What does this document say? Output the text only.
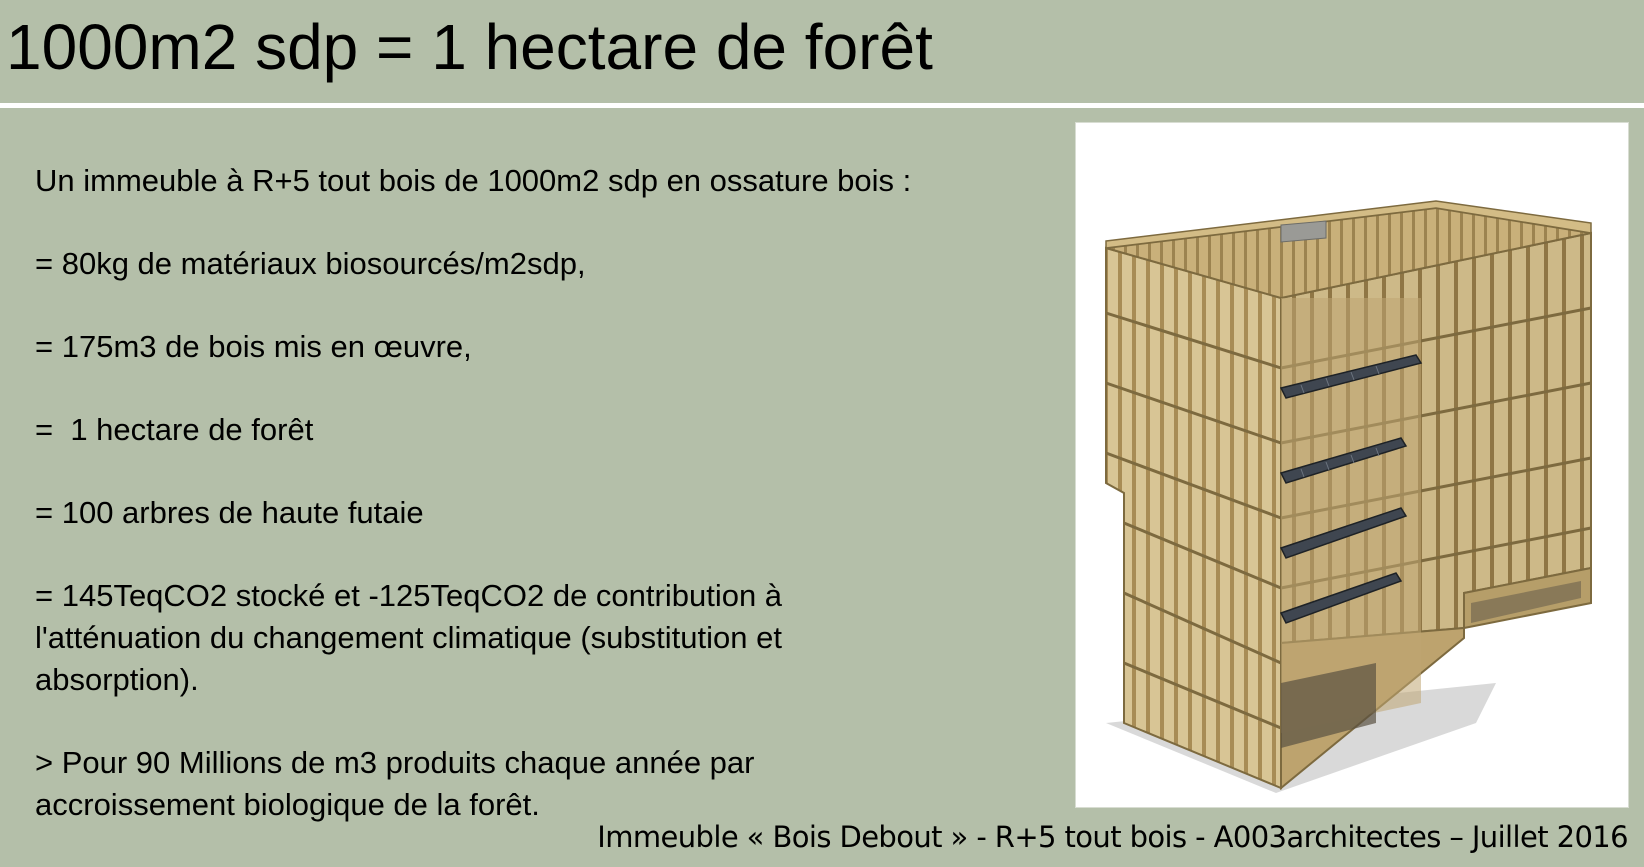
1000m2 sdp = 1 hectare de forêt

Un immeuble à R+5 tout bois de 1000m2 sdp en ossature bois :

= 80kg de matériaux biosourcés/m2sdp,

= 175m3 de bois mis en œuvre,

=  1 hectare de forêt

= 100 arbres de haute futaie

= 145TeqCO2 stocké et -125TeqCO2 de contribution à l'atténuation du changement climatique (substitution et absorption).

> Pour 90 Millions de m3 produits chaque année par accroissement biologique de la forêt.

Immeuble « Bois Debout » - R+5 tout bois - A003architectes – Juillet 2016
